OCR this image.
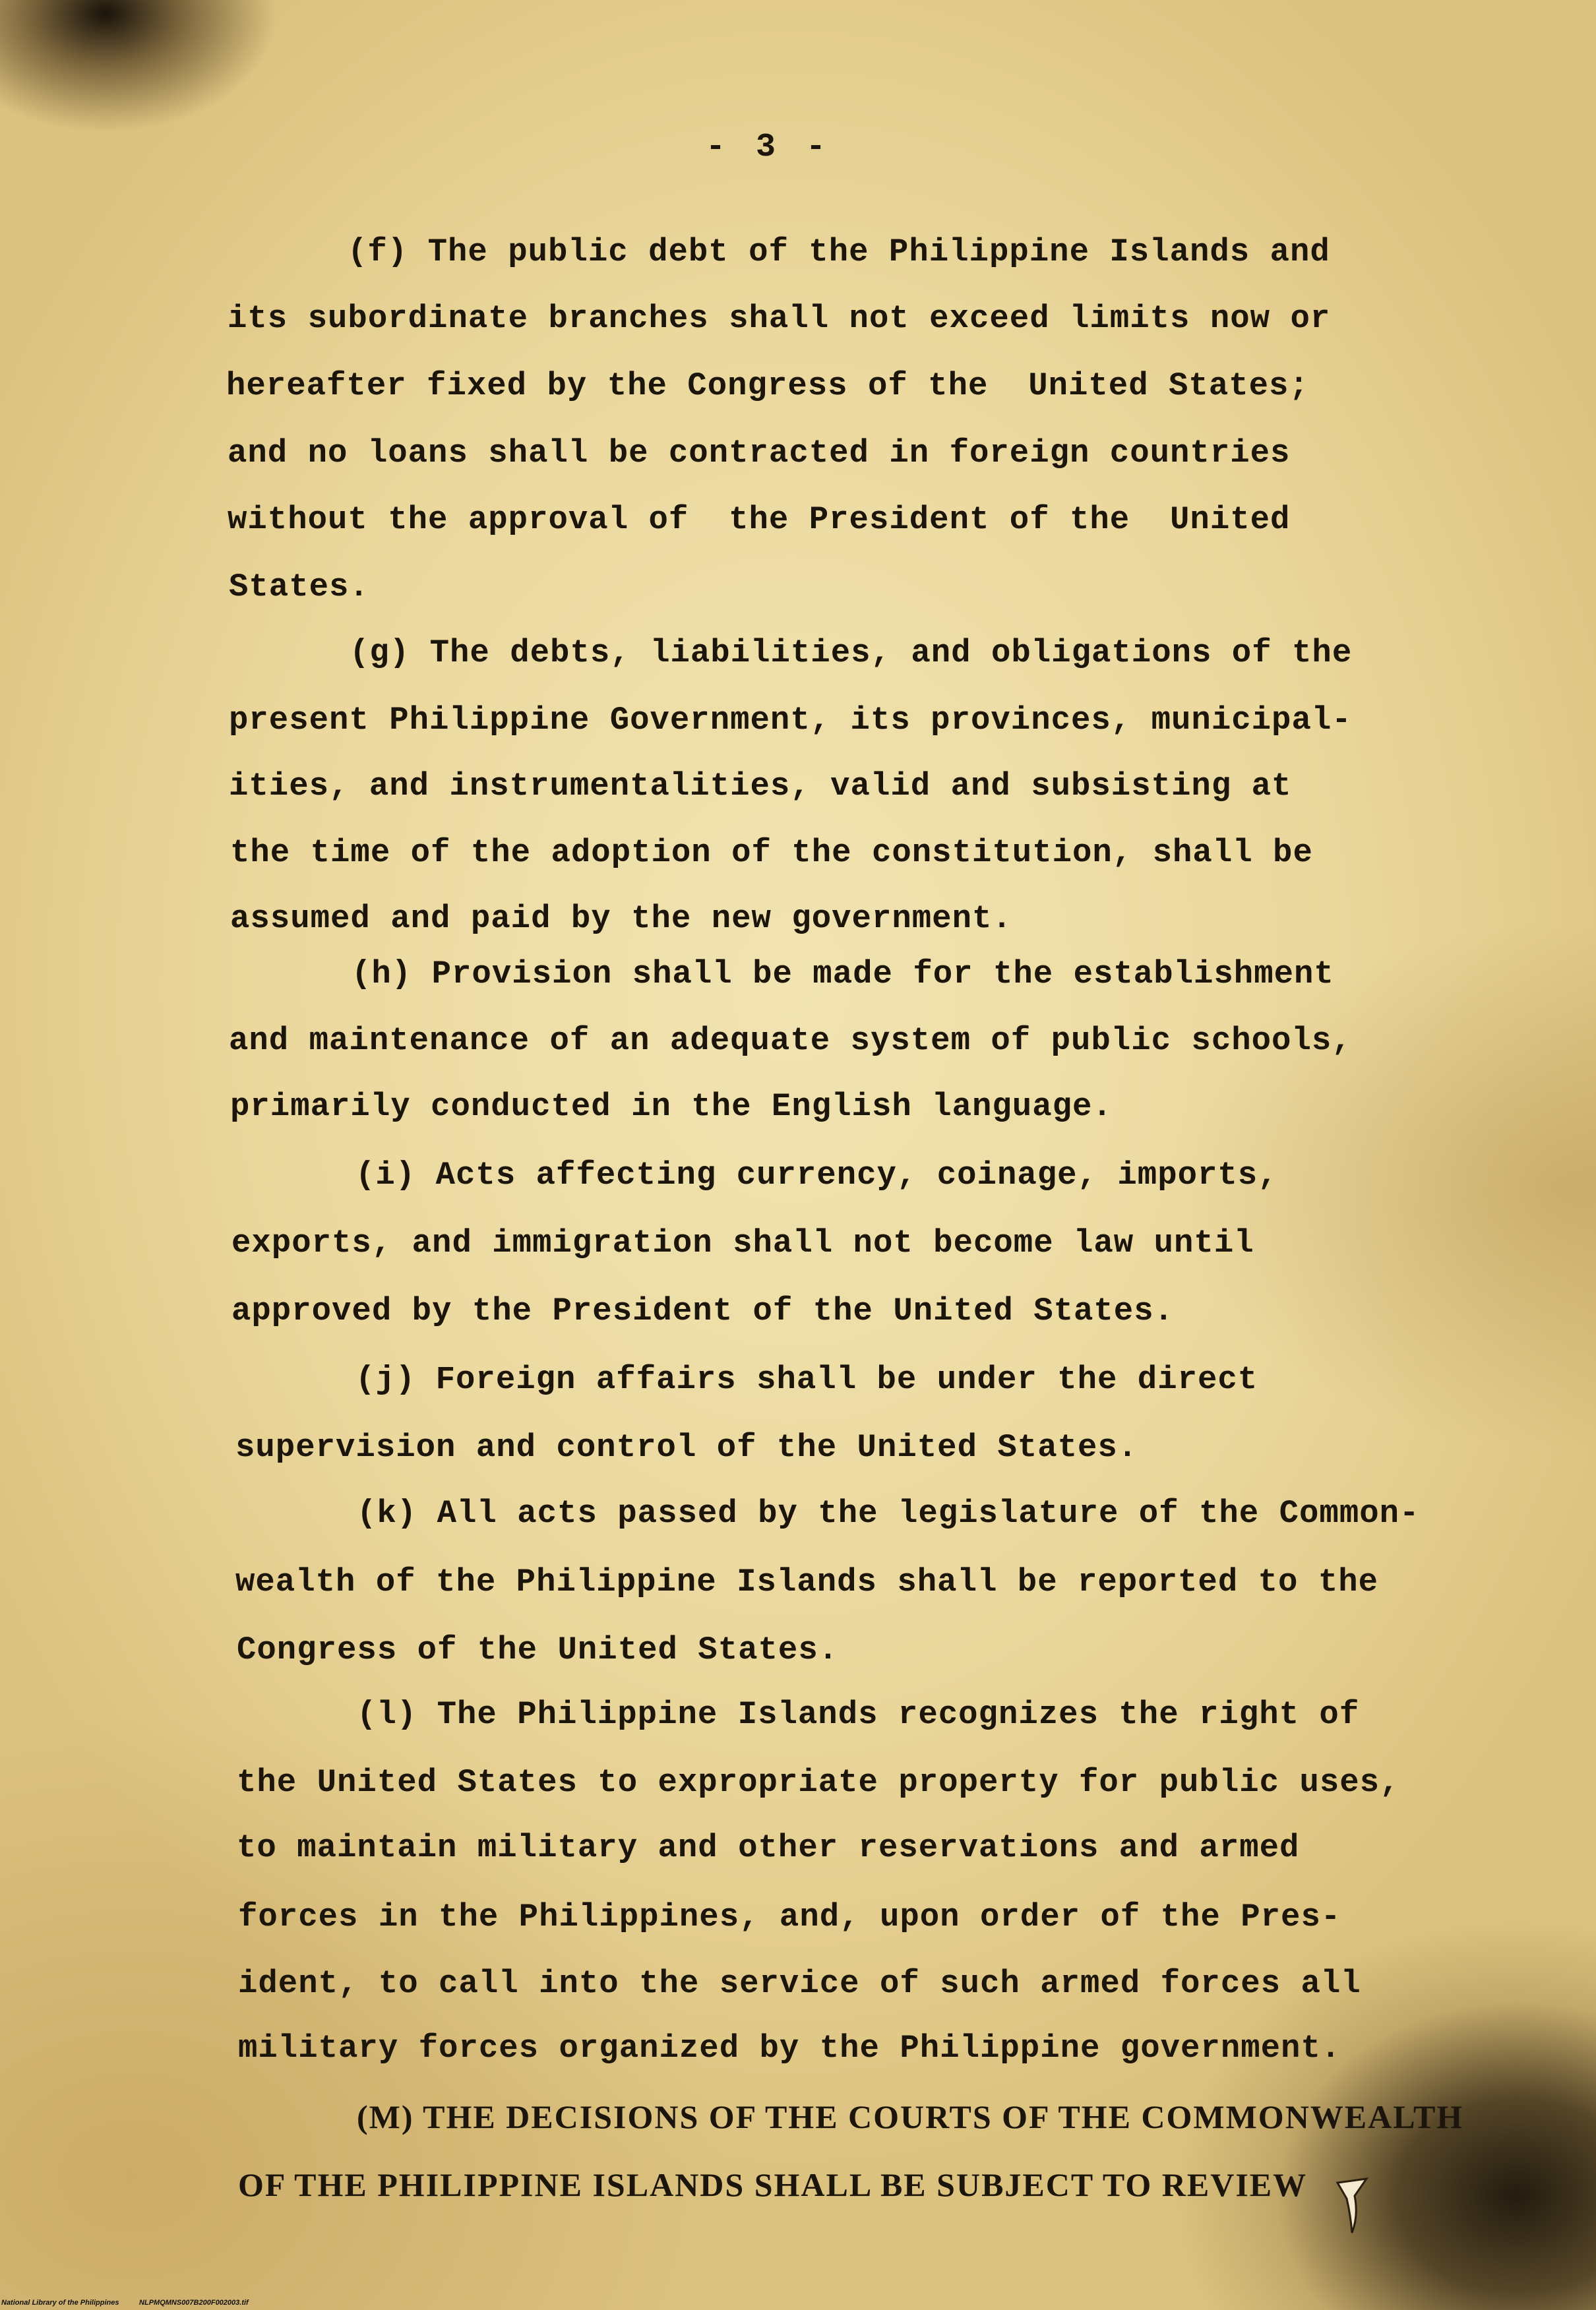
- 3 -
(f) The public debt of the Philippine Islands and
its subordinate branches shall not exceed limits now or
hereafter fixed by the Congress of the  United States;
and no loans shall be contracted in foreign countries
without the approval of  the President of the  United
States.
(g) The debts, liabilities, and obligations of the
present Philippine Government, its provinces, municipal-
ities, and instrumentalities, valid and subsisting at
the time of the adoption of the constitution, shall be
assumed and paid by the new government.
(h) Provision shall be made for the establishment
and maintenance of an adequate system of public schools,
primarily conducted in the English language.
(i) Acts affecting currency, coinage, imports,
exports, and immigration shall not become law until
approved by the President of the United States.
(j) Foreign affairs shall be under the direct
supervision and control of the United States.
(k) All acts passed by the legislature of the Common-
wealth of the Philippine Islands shall be reported to the
Congress of the United States.
(l) The Philippine Islands recognizes the right of
the United States to expropriate property for public uses,
to maintain military and other reservations and armed
forces in the Philippines, and, upon order of the Pres-
ident, to call into the service of such armed forces all
military forces organized by the Philippine government.
(M) THE DECISIONS OF THE COURTS OF THE COMMONWEALTH
OF THE PHILIPPINE ISLANDS SHALL BE SUBJECT TO REVIEW
National Library of the Philippines	NLPMQMNS007B200F002003.tif
